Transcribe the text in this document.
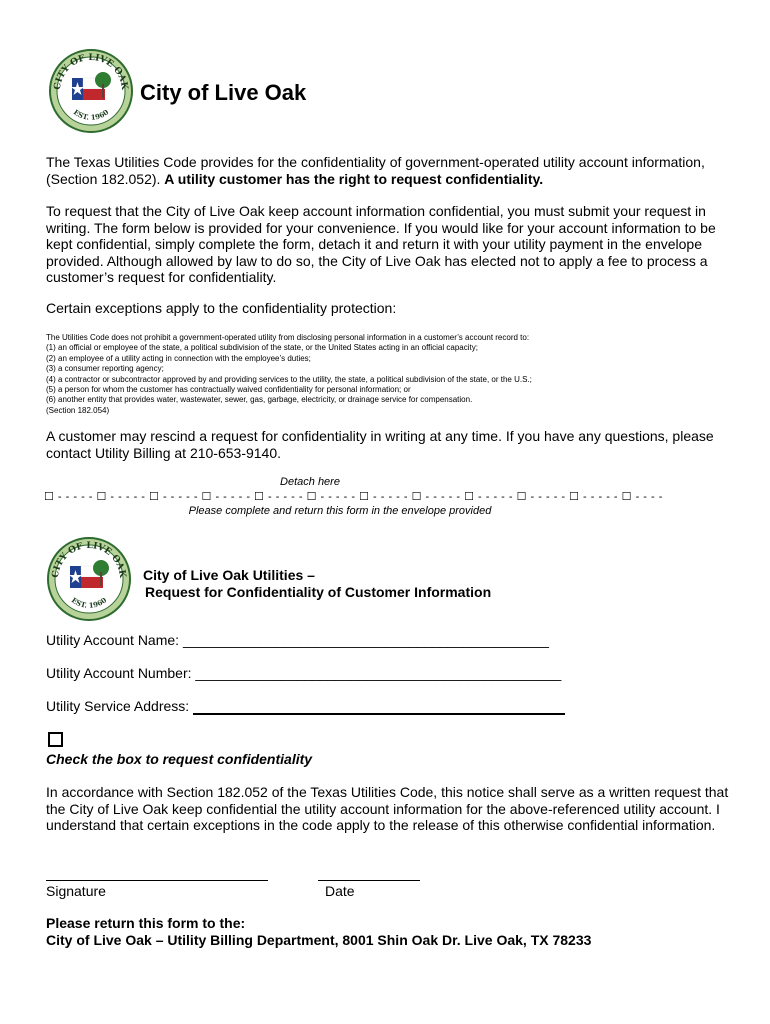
CITY OF LIVE OAK
EST. 1960
City of Live Oak
The Texas Utilities Code provides for the confidentiality of government-operated utility account information, (Section 182.052). A utility customer has the right to request confidentiality.
To request that the City of Live Oak keep account information confidential, you must submit your request in writing. The form below is provided for your convenience. If you would like for your account information to be kept confidential, simply complete the form, detach it and return it with your utility payment in the envelope provided. Although allowed by law to do so, the City of Live Oak has elected not to apply a fee to process a customer’s request for confidentiality.
Certain exceptions apply to the confidentiality protection:
The Utilities Code does not prohibit a government-operated utility from disclosing personal information in a customer’s account record to:
(1) an official or employee of the state, a political subdivision of the state, or the United States acting in an official capacity;
(2) an employee of a utility acting in connection with the employee’s duties;
(3) a consumer reporting agency;
(4) a contractor or subcontractor approved by and providing services to the utility, the state, a political subdivision of the state, or the U.S.;
(5) a person for whom the customer has contractually waived confidentiality for personal information; or
(6) another entity that provides water, wastewater, sewer, gas, garbage, electricity, or drainage service for compensation.
(Section 182.054)
A customer may rescind a request for confidentiality in writing at any time. If you have any questions, please contact Utility Billing at 210-653-9140.
Detach here
☐ - - - - - ☐ - - - - - ☐ - - - - - ☐ - - - - - ☐ - - - - - ☐ - - - - - ☐ - - - - - ☐ - - - - - ☐ - - - - - ☐ - - - - - ☐ - - - - - ☐ - - - -
Please complete and return this form in the envelope provided
CITY OF LIVE OAK
EST. 1960
City of Live Oak Utilities –
Request for Confidentiality of Customer Information
Utility Account Name: _______________________________________________
Utility Account Number: _______________________________________________
Utility Service Address:
Check the box to request confidentiality
In accordance with Section 182.052 of the Texas Utilities Code, this notice shall serve as a written request that the City of Live Oak keep confidential the utility account information for the above-referenced utility account. I understand that certain exceptions in the code apply to the release of this otherwise confidential information.
Signature	Date
Please return this form to the:
City of Live Oak – Utility Billing Department, 8001 Shin Oak Dr. Live Oak, TX 78233
